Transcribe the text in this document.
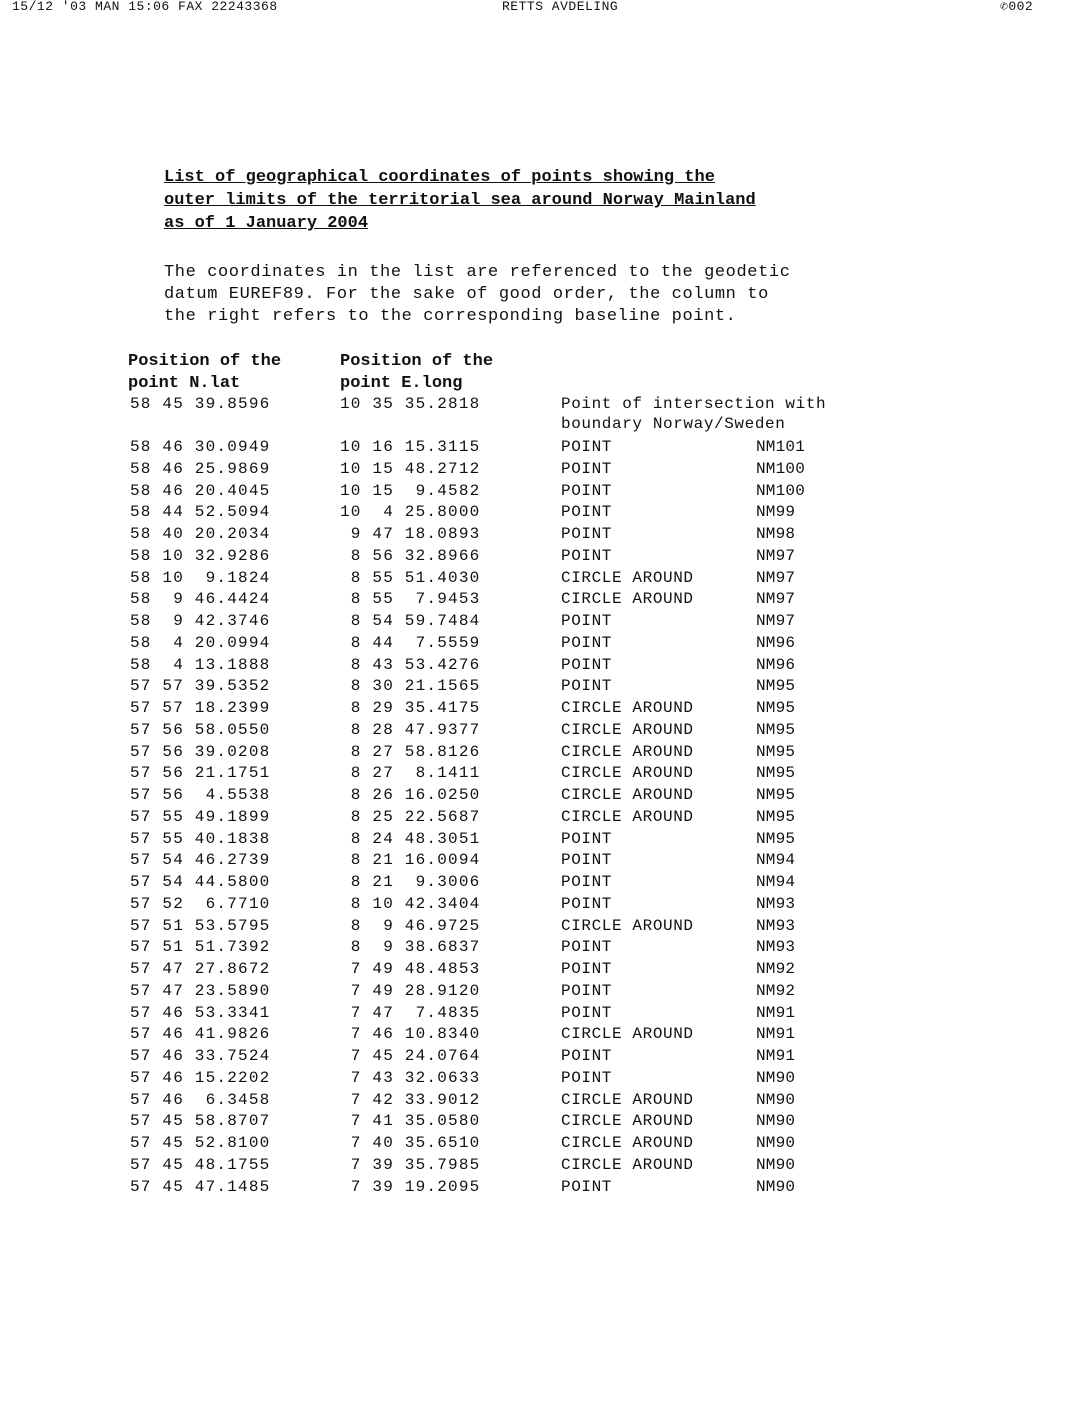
15/12 '03 MAN 15:06 FAX 22243368	RETTS AVDELING	✆002
List of geographical coordinates of points showing the
outer limits of the territorial sea around Norway Mainland
as of 1 January 2004
The coordinates in the list are referenced to the geodetic
datum EUREF89. For the sake of good order, the column to
the right refers to the corresponding baseline point.
Position of the
point N.lat
Position of the
point E.long
58 45 39.8596	10 35 35.2818	Point of intersection with
boundary Norway/Sweden
58 46 30.0949	10 16 15.3115	POINT	NM101
58 46 25.9869	10 15 48.2712	POINT	NM100
58 46 20.4045	10 15  9.4582	POINT	NM100
58 44 52.5094	10  4 25.8000	POINT	NM99
58 40 20.2034	9 47 18.0893	POINT	NM98
58 10 32.9286	8 56 32.8966	POINT	NM97
58 10  9.1824	8 55 51.4030	CIRCLE AROUND	NM97
58  9 46.4424	8 55  7.9453	CIRCLE AROUND	NM97
58  9 42.3746	8 54 59.7484	POINT	NM97
58  4 20.0994	8 44  7.5559	POINT	NM96
58  4 13.1888	8 43 53.4276	POINT	NM96
57 57 39.5352	8 30 21.1565	POINT	NM95
57 57 18.2399	8 29 35.4175	CIRCLE AROUND	NM95
57 56 58.0550	8 28 47.9377	CIRCLE AROUND	NM95
57 56 39.0208	8 27 58.8126	CIRCLE AROUND	NM95
57 56 21.1751	8 27  8.1411	CIRCLE AROUND	NM95
57 56  4.5538	8 26 16.0250	CIRCLE AROUND	NM95
57 55 49.1899	8 25 22.5687	CIRCLE AROUND	NM95
57 55 40.1838	8 24 48.3051	POINT	NM95
57 54 46.2739	8 21 16.0094	POINT	NM94
57 54 44.5800	8 21  9.3006	POINT	NM94
57 52  6.7710	8 10 42.3404	POINT	NM93
57 51 53.5795	8  9 46.9725	CIRCLE AROUND	NM93
57 51 51.7392	8  9 38.6837	POINT	NM93
57 47 27.8672	7 49 48.4853	POINT	NM92
57 47 23.5890	7 49 28.9120	POINT	NM92
57 46 53.3341	7 47  7.4835	POINT	NM91
57 46 41.9826	7 46 10.8340	CIRCLE AROUND	NM91
57 46 33.7524	7 45 24.0764	POINT	NM91
57 46 15.2202	7 43 32.0633	POINT	NM90
57 46  6.3458	7 42 33.9012	CIRCLE AROUND	NM90
57 45 58.8707	7 41 35.0580	CIRCLE AROUND	NM90
57 45 52.8100	7 40 35.6510	CIRCLE AROUND	NM90
57 45 48.1755	7 39 35.7985	CIRCLE AROUND	NM90
57 45 47.1485	7 39 19.2095	POINT	NM90
